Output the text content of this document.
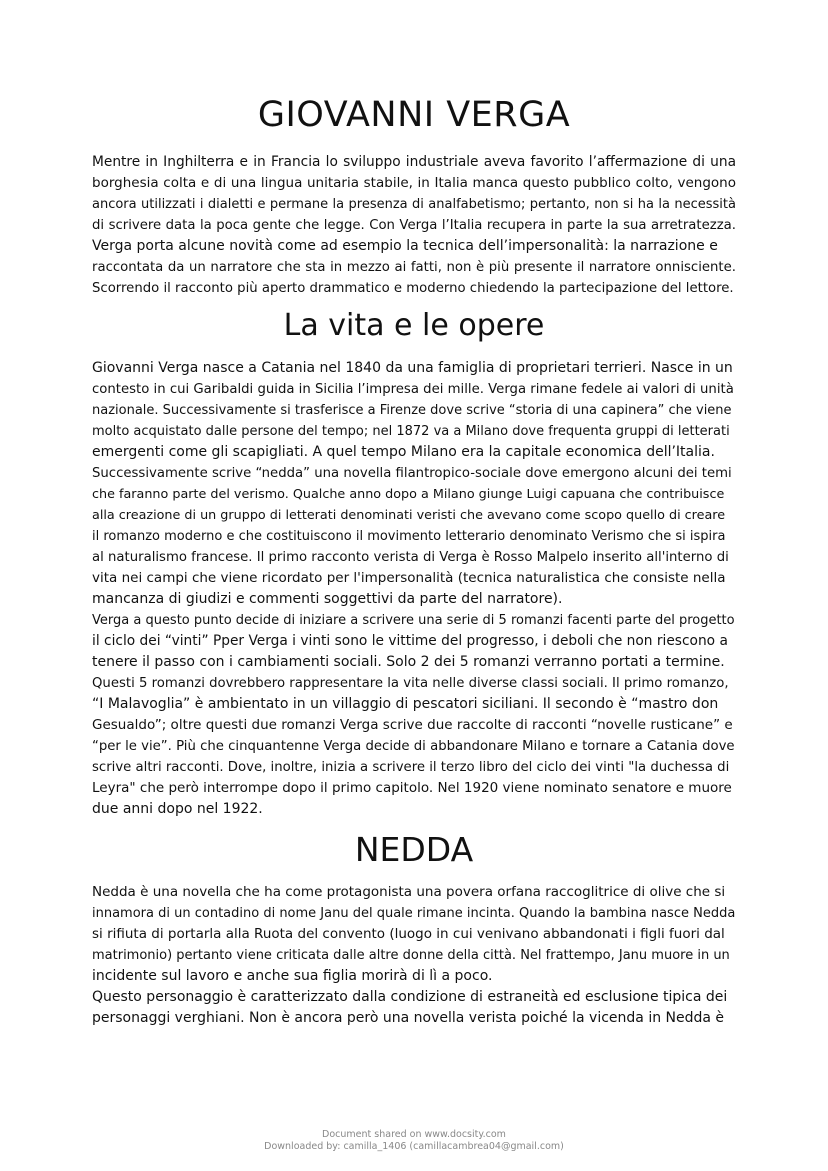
GIOVANNI VERGA
Mentre in Inghilterra e in Francia lo sviluppo industriale aveva favorito l’affermazione di una
borghesia colta e di una lingua unitaria stabile, in Italia manca questo pubblico colto, vengono
ancora utilizzati i dialetti e permane la presenza di analfabetismo; pertanto, non si ha la necessità
di scrivere data la poca gente che legge. Con Verga l’Italia recupera in parte la sua arretratezza.
Verga porta alcune novità come ad esempio la tecnica dell’impersonalità: la narrazione e
raccontata da un narratore che sta in mezzo ai fatti, non è più presente il narratore onnisciente.
Scorrendo il racconto più aperto drammatico e moderno chiedendo la partecipazione del lettore.
La vita e le opere
Giovanni Verga nasce a Catania nel 1840 da una famiglia di proprietari terrieri. Nasce in un
contesto in cui Garibaldi guida in Sicilia l’impresa dei mille. Verga rimane fedele ai valori di unità
nazionale. Successivamente si trasferisce a Firenze dove scrive “storia di una capinera” che viene
molto acquistato dalle persone del tempo; nel 1872 va a Milano dove frequenta gruppi di letterati
emergenti come gli scapigliati. A quel tempo Milano era la capitale economica dell’Italia.
Successivamente scrive “nedda” una novella filantropico-sociale dove emergono alcuni dei temi
che faranno parte del verismo. Qualche anno dopo a Milano giunge Luigi capuana che contribuisce
alla creazione di un gruppo di letterati denominati veristi che avevano come scopo quello di creare
il romanzo moderno e che costituiscono il movimento letterario denominato Verismo che si ispira
al naturalismo francese. Il primo racconto verista di Verga è Rosso Malpelo inserito all'interno di
vita nei campi che viene ricordato per l'impersonalità (tecnica naturalistica che consiste nella
mancanza di giudizi e commenti soggettivi da parte del narratore).
Verga a questo punto decide di iniziare a scrivere una serie di 5 romanzi facenti parte del progetto
il ciclo dei “vinti” Pper Verga i vinti sono le vittime del progresso, i deboli che non riescono a
tenere il passo con i cambiamenti sociali. Solo 2 dei 5 romanzi verranno portati a termine.
Questi 5 romanzi dovrebbero rappresentare la vita nelle diverse classi sociali. Il primo romanzo,
“I Malavoglia” è ambientato in un villaggio di pescatori siciliani. Il secondo è “mastro don
Gesualdo”; oltre questi due romanzi Verga scrive due raccolte di racconti “novelle rusticane” e
“per le vie”. Più che cinquantenne Verga decide di abbandonare Milano e tornare a Catania dove
scrive altri racconti. Dove, inoltre, inizia a scrivere il terzo libro del ciclo dei vinti "la duchessa di
Leyra" che però interrompe dopo il primo capitolo. Nel 1920 viene nominato senatore e muore
due anni dopo nel 1922.
NEDDA
Nedda è una novella che ha come protagonista una povera orfana raccoglitrice di olive che si
innamora di un contadino di nome Janu del quale rimane incinta. Quando la bambina nasce Nedda
si rifiuta di portarla alla Ruota del convento (luogo in cui venivano abbandonati i figli fuori dal
matrimonio) pertanto viene criticata dalle altre donne della città. Nel frattempo, Janu muore in un
incidente sul lavoro e anche sua figlia morirà di lì a poco.
Questo personaggio è caratterizzato dalla condizione di estraneità ed esclusione tipica dei
personaggi verghiani. Non è ancora però una novella verista poiché la vicenda in Nedda è
Document shared on www.docsity.com
Downloaded by: camilla_1406 (camillacambrea04@gmail.com)
